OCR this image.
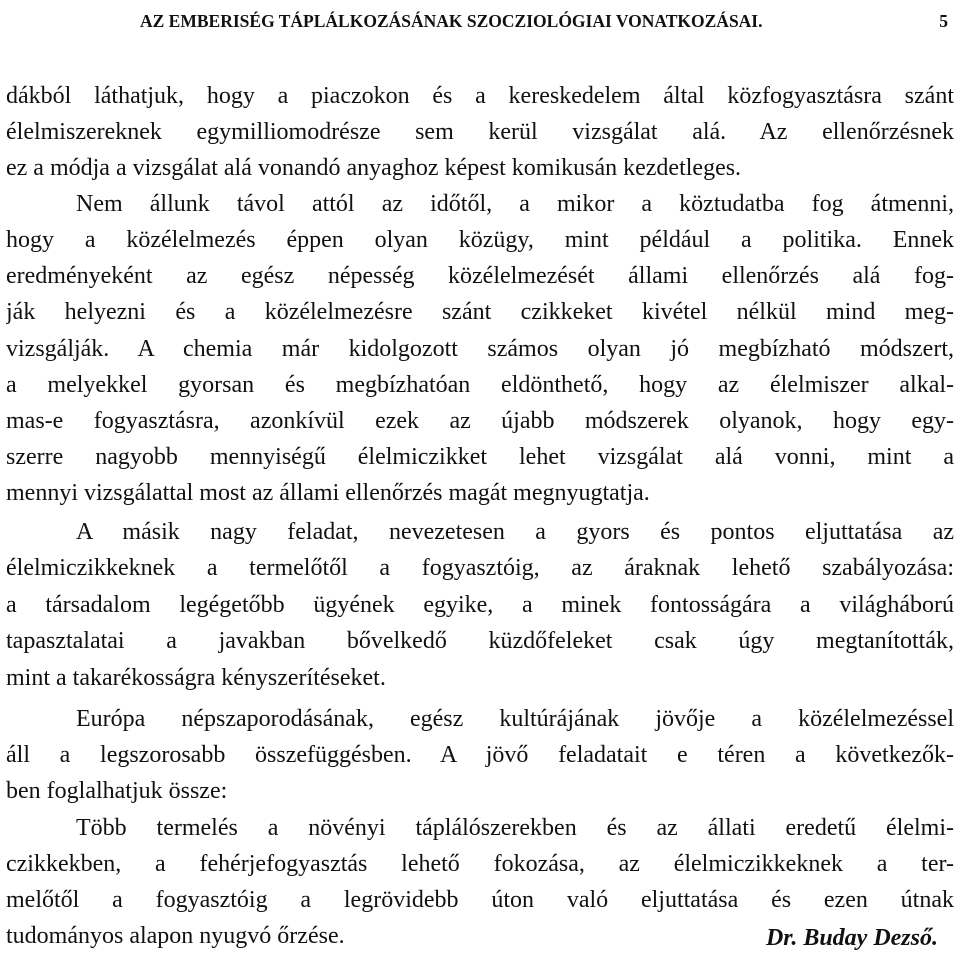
AZ EMBERISÉG TÁPLÁLKOZÁSÁNAK SZOCZIOLÓGIAI VONATKOZÁSAI.	5
dákból láthatjuk, hogy a piaczokon és a kereskedelem által közfogyasztásra szánt
élelmiszereknek egymilliomodrésze sem kerül vizsgálat alá. Az ellenőrzésnek
ez a módja a vizsgálat alá vonandó anyaghoz képest komikusán kezdetleges.
Nem állunk távol attól az időtől, a mikor a köztudatba fog átmenni,
hogy a közélelmezés éppen olyan közügy, mint például a politika. Ennek
eredményeként az egész népesség közélelmezését állami ellenőrzés alá fog-
ják helyezni és a közélelmezésre szánt czikkeket kivétel nélkül mind meg-
vizsgálják. A chemia már kidolgozott számos olyan jó megbízható módszert,
a melyekkel gyorsan és megbízhatóan eldönthető, hogy az élelmiszer alkal-
mas-e fogyasztásra, azonkívül ezek az újabb módszerek olyanok, hogy egy-
szerre nagyobb mennyiségű élelmiczikket lehet vizsgálat alá vonni, mint a
mennyi vizsgálattal most az állami ellenőrzés magát megnyugtatja.
A másik nagy feladat, nevezetesen a gyors és pontos eljuttatása az
élelmiczikkeknek a termelőtől a fogyasztóig, az áraknak lehető szabályozása:
a társadalom legégetőbb ügyének egyike, a minek fontosságára a világháború
tapasztalatai a javakban bővelkedő küzdőfeleket csak úgy megtanították,
mint a takarékosságra kényszerítéseket.
Európa népszaporodásának, egész kultúrájának jövője a közélelmezéssel
áll a legszorosabb összefüggésben. A jövő feladatait e téren a következők-
ben foglalhatjuk össze:
Több termelés a növényi táplálószerekben és az állati eredetű élelmi-
czikkekben, a fehérjefogyasztás lehető fokozása, az élelmiczikkeknek a ter-
melőtől a fogyasztóig a legrövidebb úton való eljuttatása és ezen útnak
tudományos alapon nyugvó őrzése.	Dr. Buday Dezső.
